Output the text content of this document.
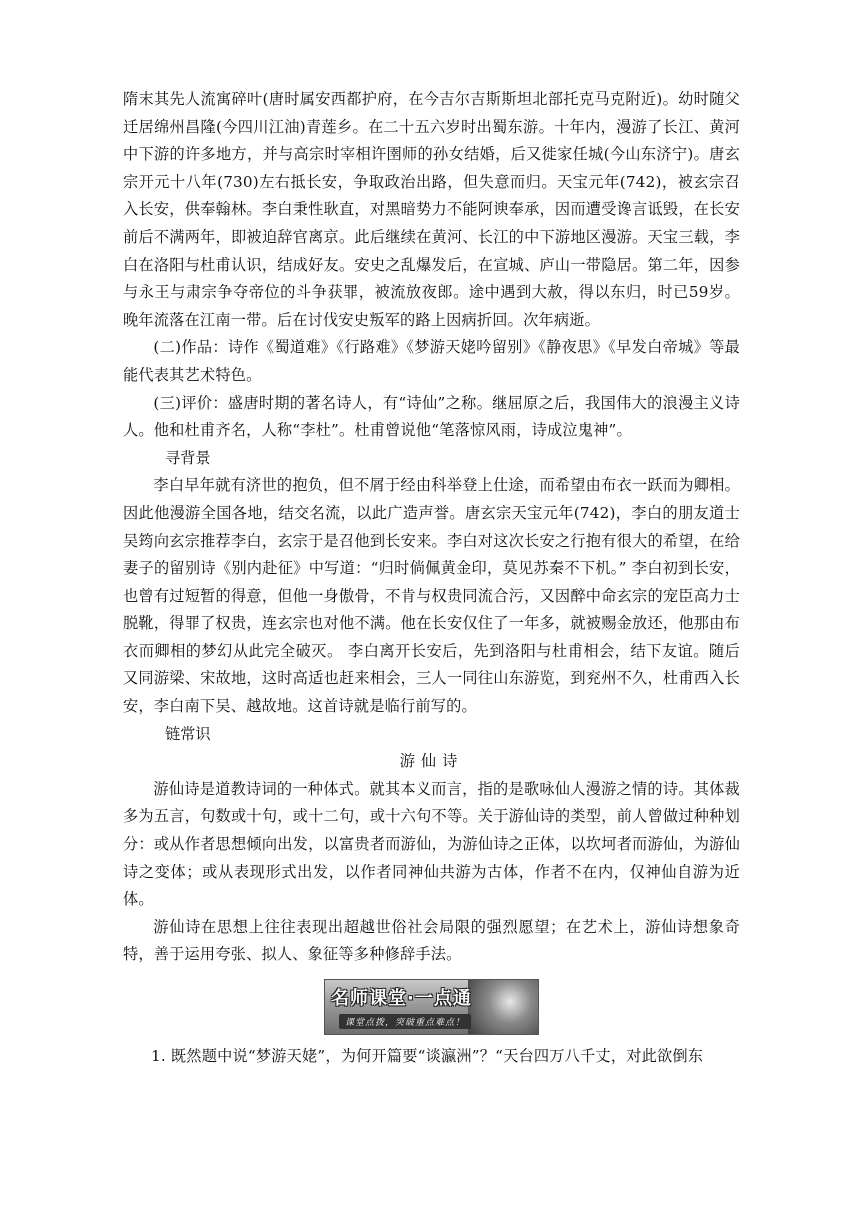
隋末其先人流寓碎叶(唐时属安西都护府，在今吉尔吉斯斯坦北部托克马克附近)。幼时随父迁居绵州昌隆(今四川江油)青莲乡。在二十五六岁时出蜀东游。十年内，漫游了长江、黄河中下游的许多地方，并与高宗时宰相许圉师的孙女结婚，后又徙家任城(今山东济宁)。唐玄宗开元十八年(730)左右抵长安，争取政治出路，但失意而归。天宝元年(742)，被玄宗召入长安，供奉翰林。李白秉性耿直，对黑暗势力不能阿谀奉承，因而遭受谗言诋毁，在长安前后不满两年，即被迫辞官离京。此后继续在黄河、长江的中下游地区漫游。天宝三载，李白在洛阳与杜甫认识，结成好友。安史之乱爆发后，在宣城、庐山一带隐居。第二年，因参与永王与肃宗争夺帝位的斗争获罪，被流放夜郎。途中遇到大赦，得以东归，时已59岁。晚年流落在江南一带。后在讨伐安史叛军的路上因病折回。次年病逝。

(二)作品：诗作《蜀道难》《行路难》《梦游天姥吟留别》《静夜思》《早发白帝城》等最能代表其艺术特色。

(三)评价：盛唐时期的著名诗人，有“诗仙”之称。继屈原之后，我国伟大的浪漫主义诗人。他和杜甫齐名，人称“李杜”。杜甫曾说他“笔落惊风雨，诗成泣鬼神”。

寻背景

李白早年就有济世的抱负，但不屑于经由科举登上仕途，而希望由布衣一跃而为卿相。因此他漫游全国各地，结交名流，以此广造声誉。唐玄宗天宝元年(742)，李白的朋友道士吴筠向玄宗推荐李白，玄宗于是召他到长安来。李白对这次长安之行抱有很大的希望，在给妻子的留别诗《别内赴征》中写道：“归时倘佩黄金印，莫见苏秦不下机。” 李白初到长安，也曾有过短暂的得意，但他一身傲骨，不肯与权贵同流合污，又因醉中命玄宗的宠臣高力士脱靴，得罪了权贵，连玄宗也对他不满。他在长安仅住了一年多，就被赐金放还，他那由布衣而卿相的梦幻从此完全破灭。 李白离开长安后，先到洛阳与杜甫相会，结下友谊。随后又同游梁、宋故地，这时高适也赶来相会，三人一同往山东游览，到兖州不久，杜甫西入长安，李白南下吴、越故地。这首诗就是临行前写的。

链常识

游仙诗

游仙诗是道教诗词的一种体式。就其本义而言，指的是歌咏仙人漫游之情的诗。其体裁多为五言，句数或十句，或十二句，或十六句不等。关于游仙诗的类型，前人曾做过种种划分：或从作者思想倾向出发，以富贵者而游仙，为游仙诗之正体，以坎坷者而游仙，为游仙诗之变体；或从表现形式出发，以作者同神仙共游为古体，作者不在内，仅神仙自游为近体。

游仙诗在思想上往往表现出超越世俗社会局限的强烈愿望；在艺术上，游仙诗想象奇特，善于运用夸张、拟人、象征等多种修辞手法。

名师课堂·一点通
课堂点拨，突破重点难点！

1. 既然题中说“梦游天姥”，为何开篇要“谈瀛洲”？“天台四万八千丈，对此欲倒东
